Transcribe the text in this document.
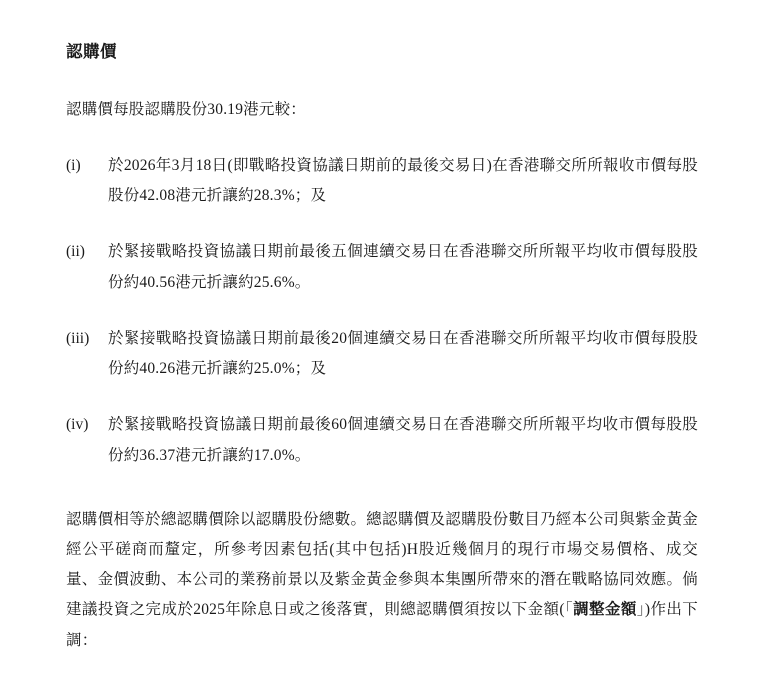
認購價

認購價每股認購股份30.19港元較：

(i)	於2026年3月18日(即戰略投資協議日期前的最後交易日)在香港聯交所所報收市價每股股份42.08港元折讓約28.3%；及
(ii)	於緊接戰略投資協議日期前最後五個連續交易日在香港聯交所所報平均收市價每股股份約40.56港元折讓約25.6%。
(iii)	於緊接戰略投資協議日期前最後20個連續交易日在香港聯交所所報平均收市價每股股份約40.26港元折讓約25.0%；及
(iv)	於緊接戰略投資協議日期前最後60個連續交易日在香港聯交所所報平均收市價每股股份約36.37港元折讓約17.0%。

認購價相等於總認購價除以認購股份總數。總認購價及認購股份數目乃經本公司與紫金黃金經公平磋商而釐定，所參考因素包括(其中包括)H股近幾個月的現行市場交易價格、成交量、金價波動、本公司的業務前景以及紫金黃金參與本集團所帶來的潛在戰略協同效應。倘建議投資之完成於2025年除息日或之後落實，則總認購價須按以下金額(「調整金額」)作出下調：
